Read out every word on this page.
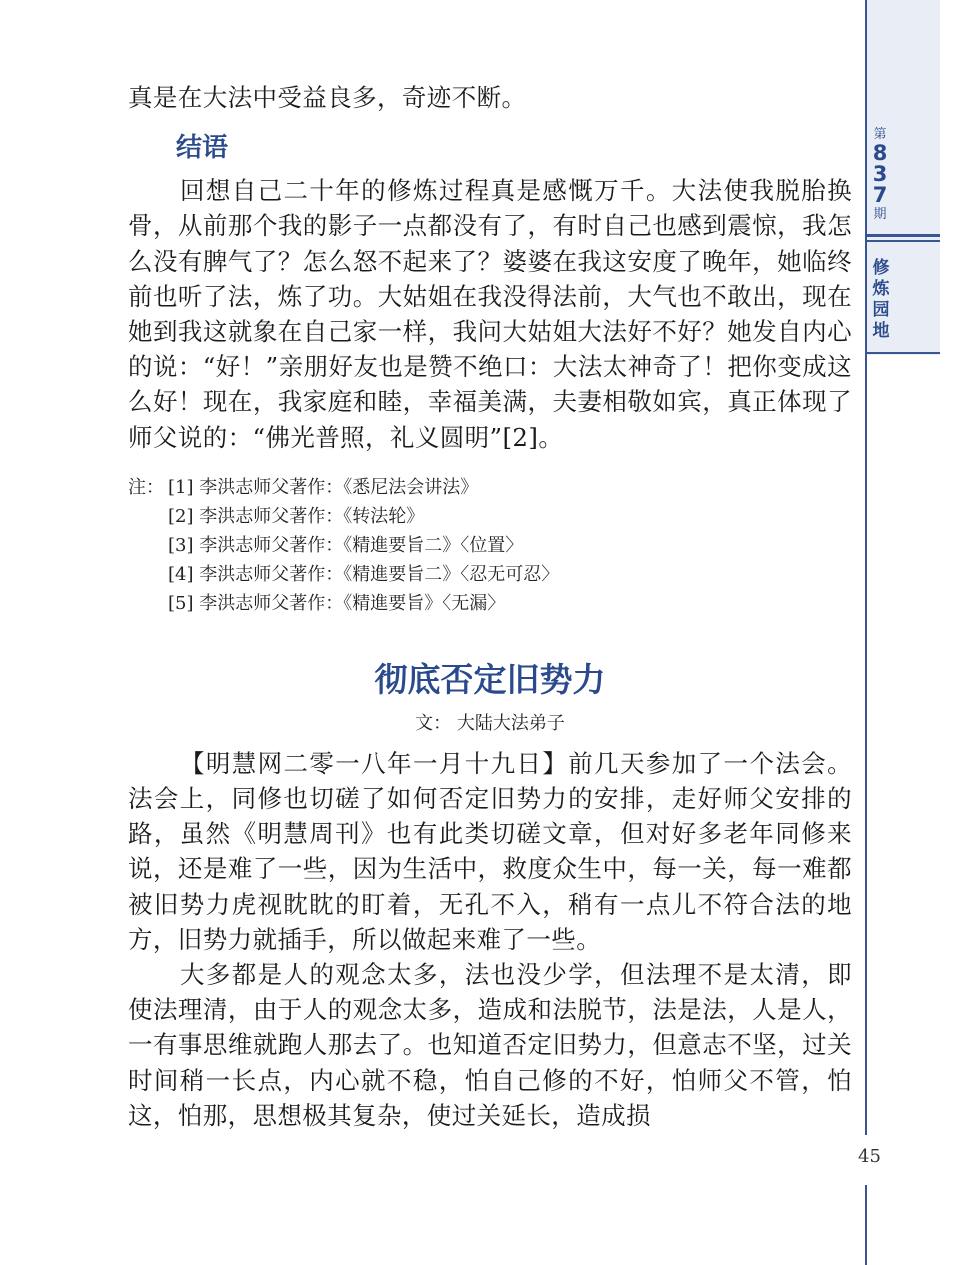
第
8
3
7
期
修
炼
园
地
45

真是在大法中受益良多，奇迹不断。

结语

回想自己二十年的修炼过程真是感慨万千。大法使我脱胎换骨，从前那个我的影子一点都没有了，有时自己也感到震惊，我怎么没有脾气了？怎么怒不起来了？婆婆在我这安度了晚年，她临终前也听了法，炼了功。大姑姐在我没得法前，大气也不敢出，现在她到我这就象在自己家一样，我问大姑姐大法好不好？她发自内心的说：“好！”亲朋好友也是赞不绝口：大法太神奇了！把你变成这么好！现在，我家庭和睦，幸福美满，夫妻相敬如宾，真正体现了师父说的：“佛光普照，礼义圆明”[2]。

注： [1] 李洪志师父著作：《悉尼法会讲法》
[2] 李洪志师父著作：《转法轮》
[3] 李洪志师父著作：《精進要旨二》〈位置〉
[4] 李洪志师父著作：《精進要旨二》〈忍无可忍〉
[5] 李洪志师父著作：《精進要旨》〈无漏〉
彻底否定旧势力
文： 大陆大法弟子

【明慧网二零一八年一月十九日】前几天参加了一个法会。 法会上，同修也切磋了如何否定旧势力的安排，走好师父安排的路，虽然《明慧周刊》也有此类切磋文章，但对好多老年同修来说，还是难了一些，因为生活中，救度众生中，每一关，每一难都被旧势力虎视眈眈的盯着，无孔不入，稍有一点儿不符合法的地方，旧势力就插手，所以做起来难了一些。

大多都是人的观念太多，法也没少学，但法理不是太清，即使法理清，由于人的观念太多，造成和法脱节，法是法，人是人，一有事思维就跑人那去了。也知道否定旧势力，但意志不坚，过关时间稍一长点，内心就不稳，怕自己修的不好，怕师父不管，怕这，怕那，思想极其复杂，使过关延长，造成损
